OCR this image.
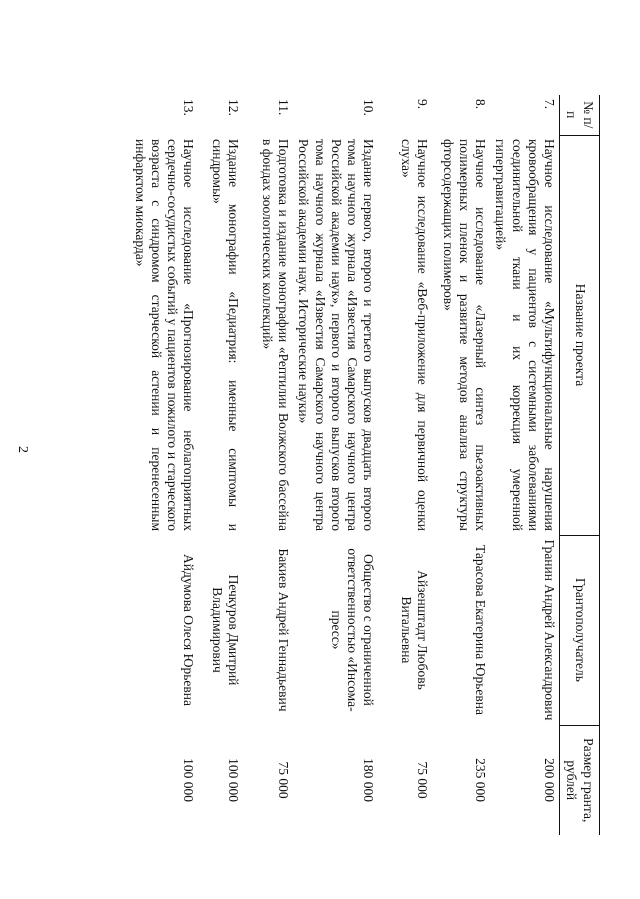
№ п/п	Название проекта	Грантополучатель	Размер гранта, рублей
7.	Научное исследование «Мультифункциональные нарушения кровообращения у пациентов с системными заболеваниями соединительной ткани и их коррекция умеренной гипергравитацией»	Гранин Андрей Александрович	200 000
8.	Научное исследование «Лазерный синтез пьезоактивных полимерных пленок и развитие методов анализа структуры фторсодержащих полимеров»	Тарасова Екатерина Юрьевна	235 000
9.	Научное исследование «Веб-приложение для первичной оценки слуха»	Айзенштадт Любовь Витальевна	75 000
10.	Издание первого, второго и третьего выпусков двадцать второго тома научного журнала «Известия Самарского научного центра Российской академии наук», первого и второго выпусков второго тома научного журнала «Известия Самарского научного центра Российской академии наук. Исторические науки»	Общество с ограниченной ответственностью «Инсома-пресс»	180 000
11.	Подготовка и издание монографии «Рептилии Волжского бассейна в фондах зоологических коллекций»	Бакиев Андрей Геннадьевич	75 000
12.	Издание монографии «Педиатрия: именные симптомы и синдромы»	Печкуров Дмитрий Владимирович	100 000
13.	Научное исследование «Прогнозирование неблагоприятных сердечно-сосудистых событий у пациентов пожилого и старческого возраста с синдромом старческой астении и перенесенным инфарктом миокарда»	Айдумова Олеся Юрьевна	100 000
2
